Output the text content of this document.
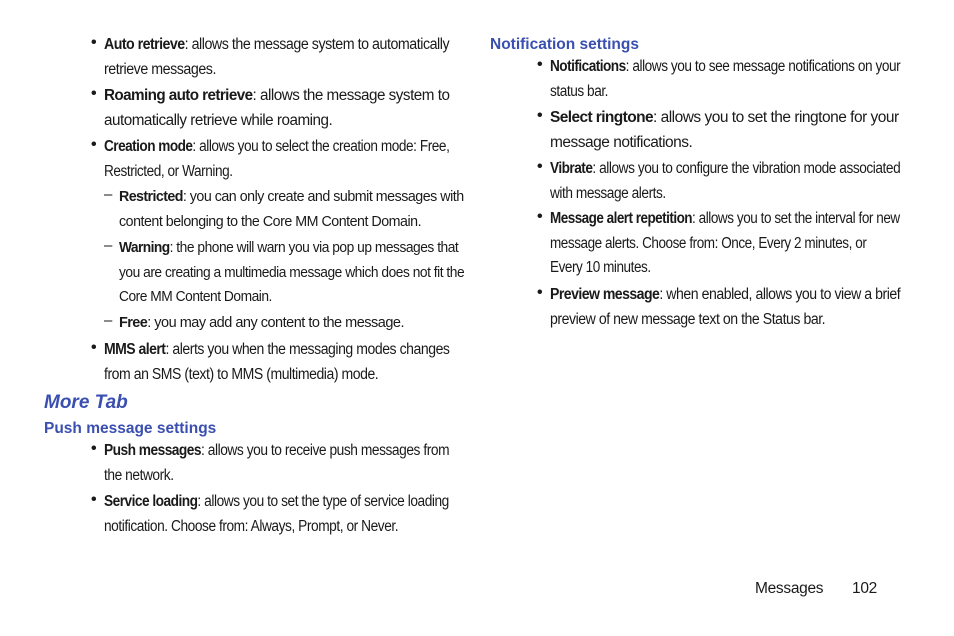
• Auto retrieve: allows the message system to automatically
retrieve messages.
• Roaming auto retrieve: allows the message system to
automatically retrieve while roaming.
• Creation mode: allows you to select the creation mode: Free,
Restricted, or Warning.
– Restricted: you can only create and submit messages with
content belonging to the Core MM Content Domain.
– Warning: the phone will warn you via pop up messages that
you are creating a multimedia message which does not fit the
Core MM Content Domain.
– Free: you may add any content to the message.
• MMS alert: alerts you when the messaging modes changes
from an SMS (text) to MMS (multimedia) mode.
More Tab
Push message settings
• Push messages: allows you to receive push messages from
the network.
• Service loading: allows you to set the type of service loading
notification. Choose from: Always, Prompt, or Never.
Notification settings
• Notifications: allows you to see message notifications on your
status bar.
• Select ringtone: allows you to set the ringtone for your
message notifications.
• Vibrate: allows you to configure the vibration mode associated
with message alerts.
• Message alert repetition: allows you to set the interval for new
message alerts. Choose from: Once, Every 2 minutes, or
Every 10 minutes.
• Preview message: when enabled, allows you to view a brief
preview of new message text on the Status bar.
Messages 102
